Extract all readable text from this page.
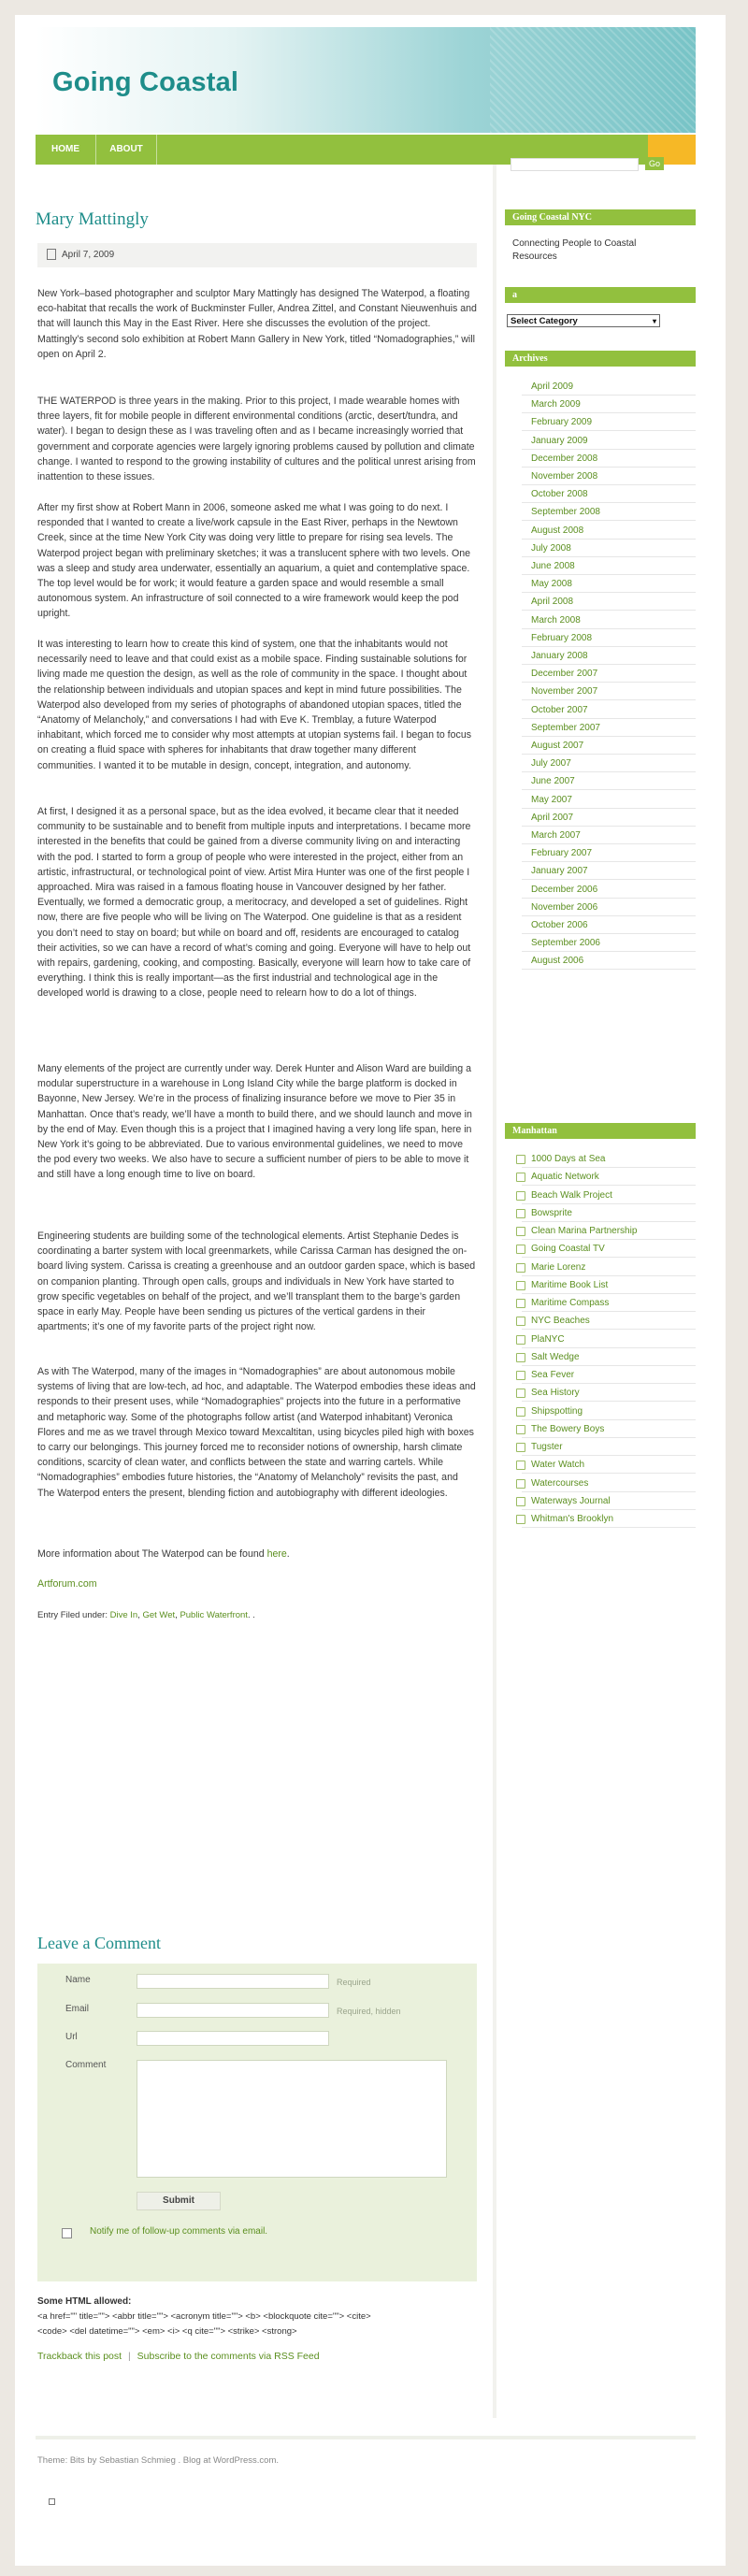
Going Coastal
HOME	ABOUT
Go
Mary Mattingly
April 7, 2009

New York–based photographer and sculptor Mary Mattingly has designed The Waterpod, a floating eco-habitat that recalls the work of Buckminster Fuller, Andrea Zittel, and Constant Nieuwenhuis and that will launch this May in the East River. Here she discusses the evolution of the project. Mattingly’s second solo exhibition at Robert Mann Gallery in New York, titled “Nomadographies,” will open on April 2.

THE WATERPOD is three years in the making. Prior to this project, I made wearable homes with three layers, fit for mobile people in different environmental conditions (arctic, desert/tundra, and water). I began to design these as I was traveling often and as I became increasingly worried that government and corporate agencies were largely ignoring problems caused by pollution and climate change. I wanted to respond to the growing instability of cultures and the political unrest arising from inattention to these issues.

After my first show at Robert Mann in 2006, someone asked me what I was going to do next. I responded that I wanted to create a live/work capsule in the East River, perhaps in the Newtown Creek, since at the time New York City was doing very little to prepare for rising sea levels. The Waterpod project began with preliminary sketches; it was a translucent sphere with two levels. One was a sleep and study area underwater, essentially an aquarium, a quiet and contemplative space. The top level would be for work; it would feature a garden space and would resemble a small autonomous system. An infrastructure of soil connected to a wire framework would keep the pod upright.

It was interesting to learn how to create this kind of system, one that the inhabitants would not necessarily need to leave and that could exist as a mobile space. Finding sustainable solutions for living made me question the design, as well as the role of community in the space. I thought about the relationship between individuals and utopian spaces and kept in mind future possibilities. The Waterpod also developed from my series of photographs of abandoned utopian spaces, titled the “Anatomy of Melancholy,” and conversations I had with Eve K. Tremblay, a future Waterpod inhabitant, which forced me to consider why most attempts at utopian systems fail. I began to focus on creating a fluid space with spheres for inhabitants that draw together many different communities. I wanted it to be mutable in design, concept, integration, and autonomy.

At first, I designed it as a personal space, but as the idea evolved, it became clear that it needed community to be sustainable and to benefit from multiple inputs and interpretations. I became more interested in the benefits that could be gained from a diverse community living on and interacting with the pod. I started to form a group of people who were interested in the project, either from an artistic, infrastructural, or technological point of view. Artist Mira Hunter was one of the first people I approached. Mira was raised in a famous floating house in Vancouver designed by her father. Eventually, we formed a democratic group, a meritocracy, and developed a set of guidelines. Right now, there are five people who will be living on The Waterpod. One guideline is that as a resident you don’t need to stay on board; but while on board and off, residents are encouraged to catalog their activities, so we can have a record of what’s coming and going. Everyone will have to help out with repairs, gardening, cooking, and composting. Basically, everyone will learn how to take care of everything. I think this is really important—as the first industrial and technological age in the developed world is drawing to a close, people need to relearn how to do a lot of things.

Many elements of the project are currently under way. Derek Hunter and Alison Ward are building a modular superstructure in a warehouse in Long Island City while the barge platform is docked in Bayonne, New Jersey. We’re in the process of finalizing insurance before we move to Pier 35 in Manhattan. Once that’s ready, we’ll have a month to build there, and we should launch and move in by the end of May. Even though this is a project that I imagined having a very long life span, here in New York it’s going to be abbreviated. Due to various environmental guidelines, we need to move the pod every two weeks. We also have to secure a sufficient number of piers to be able to move it and still have a long enough time to live on board.

Engineering students are building some of the technological elements. Artist Stephanie Dedes is coordinating a barter system with local greenmarkets, while Carissa Carman has designed the on-board living system. Carissa is creating a greenhouse and an outdoor garden space, which is based on companion planting. Through open calls, groups and individuals in New York have started to grow specific vegetables on behalf of the project, and we’ll transplant them to the barge’s garden space in early May. People have been sending us pictures of the vertical gardens in their apartments; it’s one of my favorite parts of the project right now.

As with The Waterpod, many of the images in “Nomadographies” are about autonomous mobile systems of living that are low-tech, ad hoc, and adaptable. The Waterpod embodies these ideas and responds to their present uses, while “Nomadographies” projects into the future in a performative and metaphoric way. Some of the photographs follow artist (and Waterpod inhabitant) Veronica Flores and me as we travel through Mexico toward Mexcaltitan, using bicycles piled high with boxes to carry our belongings. This journey forced me to reconsider notions of ownership, harsh climate conditions, scarcity of clean water, and conflicts between the state and warring cartels. While “Nomadographies” embodies future histories, the “Anatomy of Melancholy” revisits the past, and The Waterpod enters the present, blending fiction and autobiography with different ideologies.

More information about The Waterpod can be found here.

Artforum.com

Entry Filed under: Dive In, Get Wet, Public Waterfront. .

Leave a Comment
Name	Required
Email	Required, hidden
Url
Comment
Submit
Notify me of follow-up comments via email.
Some HTML allowed:
<a href="" title=""> <abbr title=""> <acronym title=""> <b> <blockquote cite=""> <cite>
<code> <del datetime=""> <em> <i> <q cite=""> <strike> <strong>
Trackback this post | Subscribe to the comments via RSS Feed
Going Coastal NYC
Connecting People to Coastal Resources
a
Select Category	▾
Archives
April 2009
March 2009
February 2009
January 2009
December 2008
November 2008
October 2008
September 2008
August 2008
July 2008
June 2008
May 2008
April 2008
March 2008
February 2008
January 2008
December 2007
November 2007
October 2007
September 2007
August 2007
July 2007
June 2007
May 2007
April 2007
March 2007
February 2007
January 2007
December 2006
November 2006
October 2006
September 2006
August 2006
Manhattan
1000 Days at Sea
Aquatic Network
Beach Walk Project
Bowsprite
Clean Marina Partnership
Going Coastal TV
Marie Lorenz
Maritime Book List
Maritime Compass
NYC Beaches
PlaNYC
Salt Wedge
Sea Fever
Sea History
Shipspotting
The Bowery Boys
Tugster
Water Watch
Watercourses
Waterways Journal
Whitman's Brooklyn
Theme: Bits by Sebastian Schmieg . Blog at WordPress.com.
